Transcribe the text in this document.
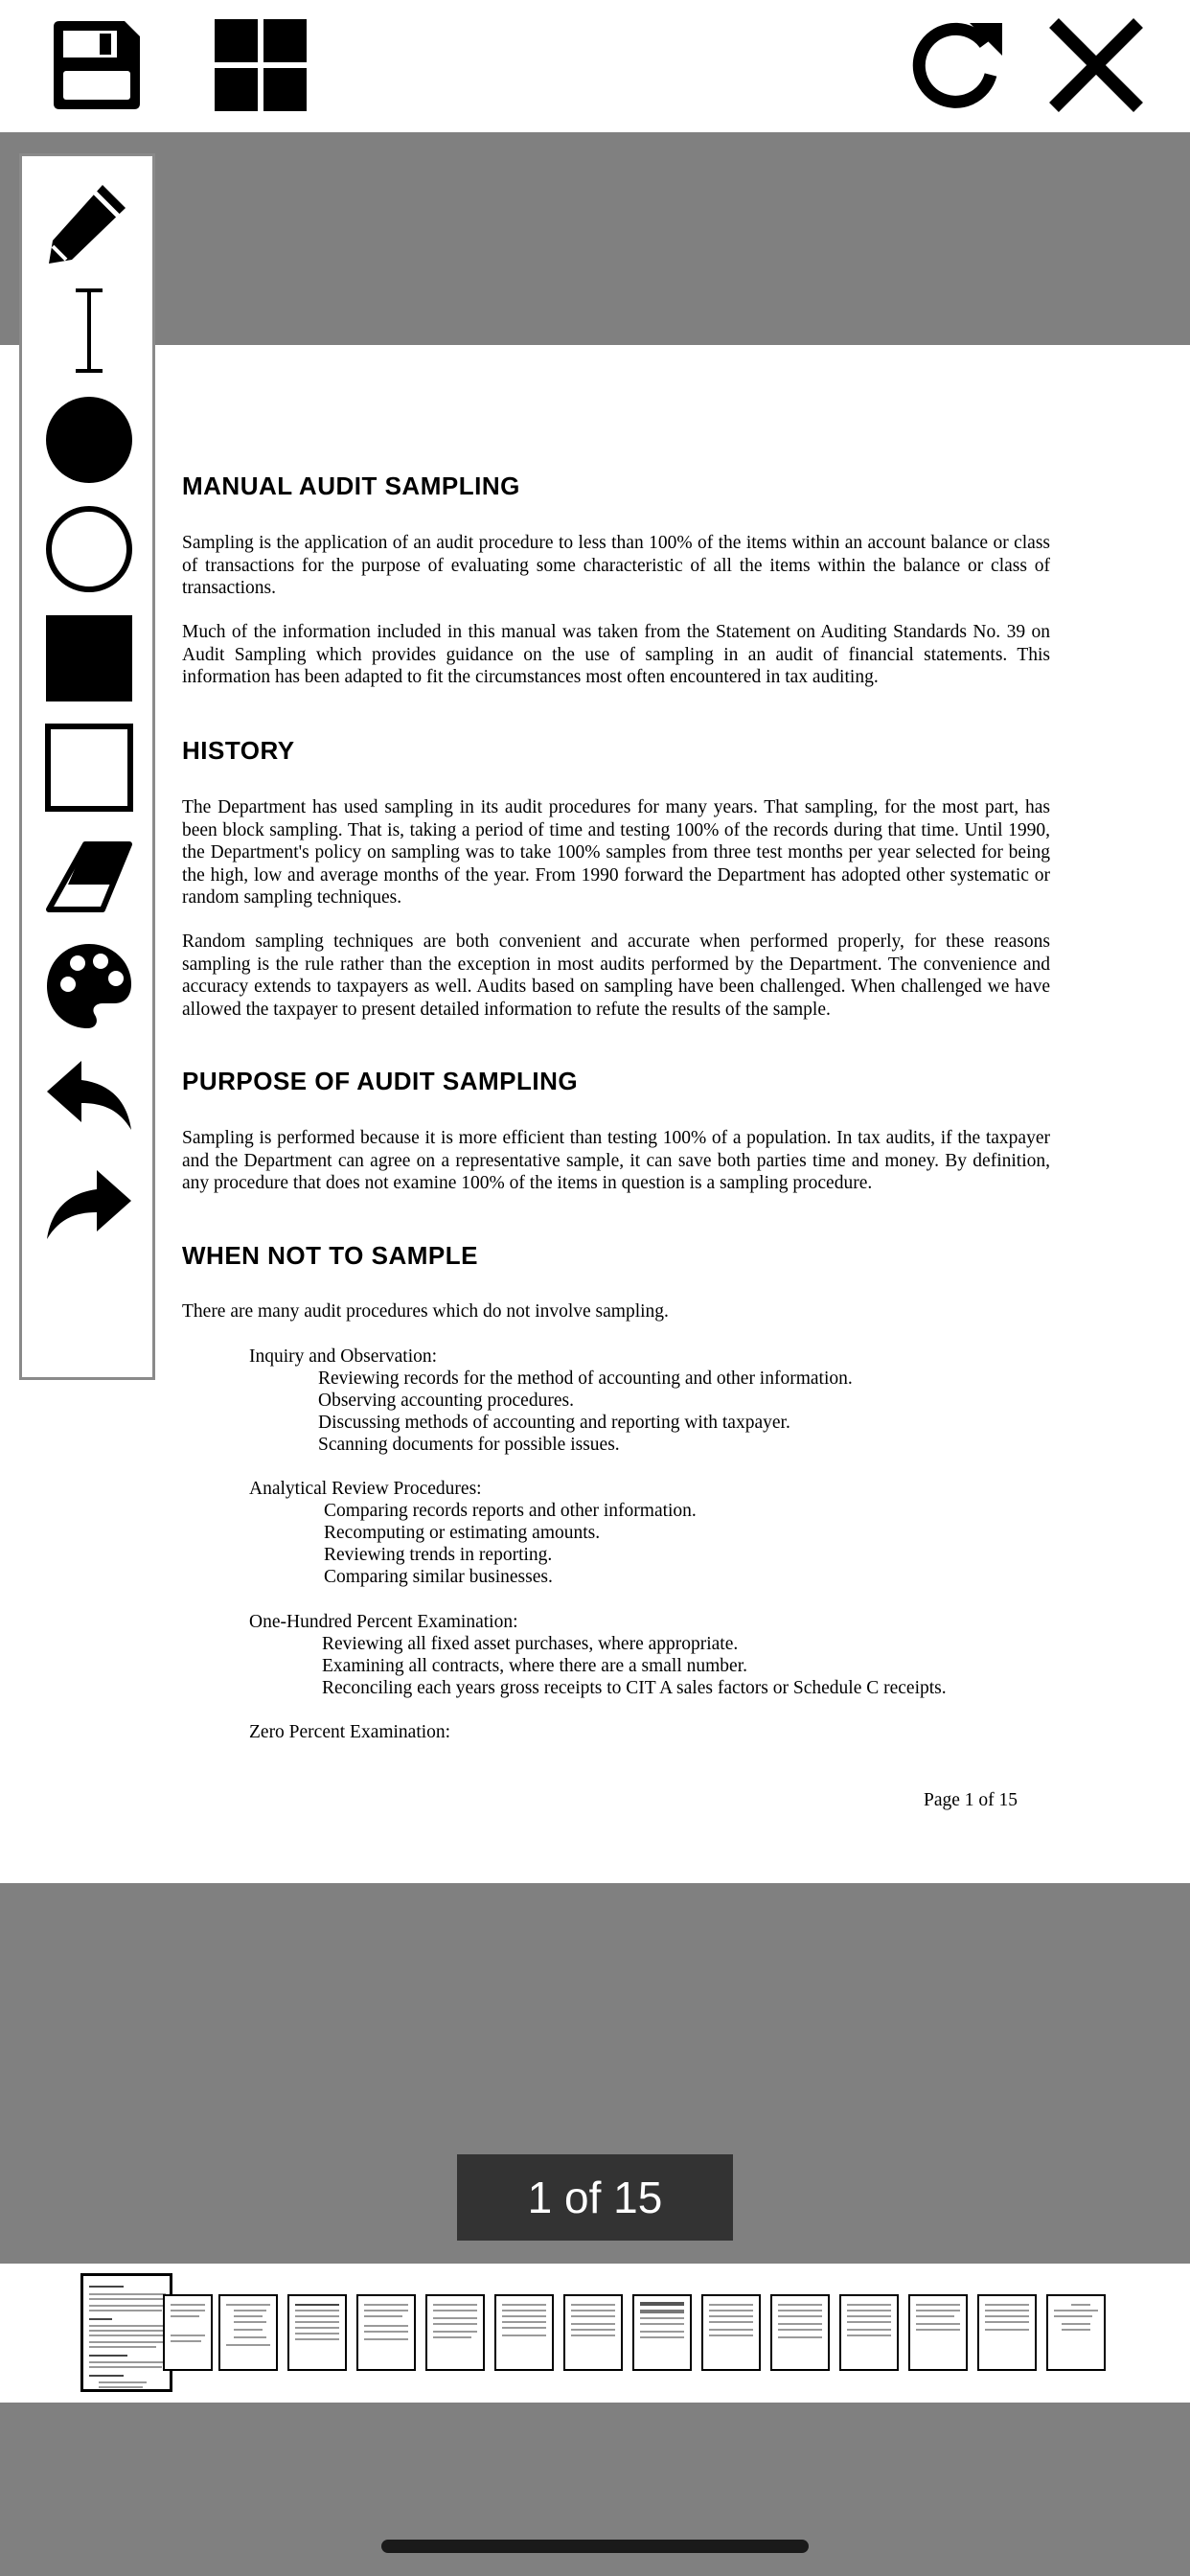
MANUAL AUDIT SAMPLING
Sampling is the application of an audit procedure to less than 100% of the items within an account balance or class of transactions for the purpose of evaluating some characteristic of all the items within the balance or class of transactions.
Much of the information included in this manual was taken from the Statement on Auditing Standards No. 39 on Audit Sampling which provides guidance on the use of sampling in an audit of financial statements. This information has been adapted to fit the circumstances most often encountered in tax auditing.
HISTORY
The Department has used sampling in its audit procedures for many years. That sampling, for the most part, has been block sampling. That is, taking a period of time and testing 100% of the records during that time. Until 1990, the Department's policy on sampling was to take 100% samples from three test months per year selected for being the high, low and average months of the year. From 1990 forward the Department has adopted other systematic or random sampling techniques.
Random sampling techniques are both convenient and accurate when performed properly, for these reasons sampling is the rule rather than the exception in most audits performed by the Department. The convenience and accuracy extends to taxpayers as well. Audits based on sampling have been challenged. When challenged we have allowed the taxpayer to present detailed information to refute the results of the sample.
PURPOSE OF AUDIT SAMPLING
Sampling is performed because it is more efficient than testing 100% of a population. In tax audits, if the taxpayer and the Department can agree on a representative sample, it can save both parties time and money. By definition, any procedure that does not examine 100% of the items in question is a sampling procedure.
WHEN NOT TO SAMPLE
There are many audit procedures which do not involve sampling.
Inquiry and Observation:
Reviewing records for the method of accounting and other information.
Observing accounting procedures.
Discussing methods of accounting and reporting with taxpayer.
Scanning documents for possible issues.
Analytical Review Procedures:
Comparing records reports and other information.
Recomputing or estimating amounts.
Reviewing trends in reporting.
Comparing similar businesses.
One-Hundred Percent Examination:
Reviewing all fixed asset purchases, where appropriate.
Examining all contracts, where there are a small number.
Reconciling each years gross receipts to CIT A sales factors or Schedule C receipts.
Zero Percent Examination:
Page 1 of 15
1 of 15
